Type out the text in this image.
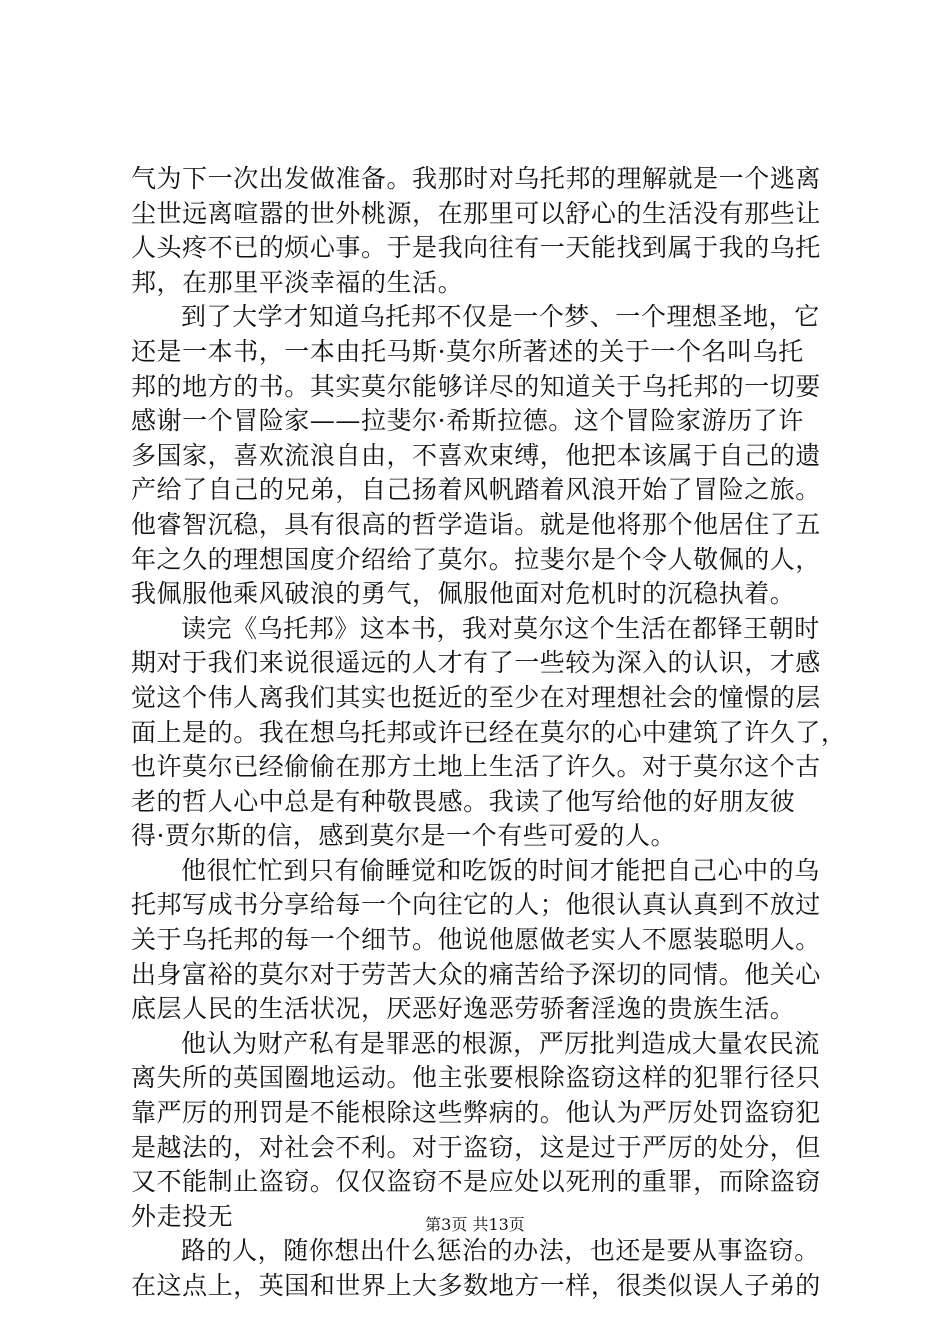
气为下一次出发做准备。我那时对乌托邦的理解就是一个逃离
尘世远离喧嚣的世外桃源，在那里可以舒心的生活没有那些让
人头疼不已的烦心事。于是我向往有一天能找到属于我的乌托
邦，在那里平淡幸福的生活。
到了大学才知道乌托邦不仅是一个梦、一个理想圣地，它
还是一本书，一本由托马斯·莫尔所著述的关于一个名叫乌托
邦的地方的书。其实莫尔能够详尽的知道关于乌托邦的一切要
感谢一个冒险家——拉斐尔·希斯拉德。这个冒险家游历了许
多国家，喜欢流浪自由，不喜欢束缚，他把本该属于自己的遗
产给了自己的兄弟，自己扬着风帆踏着风浪开始了冒险之旅。
他睿智沉稳，具有很高的哲学造诣。就是他将那个他居住了五
年之久的理想国度介绍给了莫尔。拉斐尔是个令人敬佩的人，
我佩服他乘风破浪的勇气，佩服他面对危机时的沉稳执着。
读完《乌托邦》这本书，我对莫尔这个生活在都铎王朝时
期对于我们来说很遥远的人才有了一些较为深入的认识，才感
觉这个伟人离我们其实也挺近的至少在对理想社会的憧憬的层
面上是的。我在想乌托邦或许已经在莫尔的心中建筑了许久了，
也许莫尔已经偷偷在那方土地上生活了许久。对于莫尔这个古
老的哲人心中总是有种敬畏感。我读了他写给他的好朋友彼
得·贾尔斯的信，感到莫尔是一个有些可爱的人。
他很忙忙到只有偷睡觉和吃饭的时间才能把自己心中的乌
托邦写成书分享给每一个向往它的人；他很认真认真到不放过
关于乌托邦的每一个细节。他说他愿做老实人不愿装聪明人。
出身富裕的莫尔对于劳苦大众的痛苦给予深切的同情。他关心
底层人民的生活状况，厌恶好逸恶劳骄奢淫逸的贵族生活。
他认为财产私有是罪恶的根源，严厉批判造成大量农民流
离失所的英国圈地运动。他主张要根除盗窃这样的犯罪行径只
靠严厉的刑罚是不能根除这些弊病的。他认为严厉处罚盗窃犯
是越法的，对社会不利。对于盗窃，这是过于严厉的处分，但
又不能制止盗窃。仅仅盗窃不是应处以死刑的重罪，而除盗窃
外走投无
路的人，随你想出什么惩治的办法，也还是要从事盗窃。
在这点上，英国和世界上大多数地方一样，很类似误人子弟的
第3页 共13页
